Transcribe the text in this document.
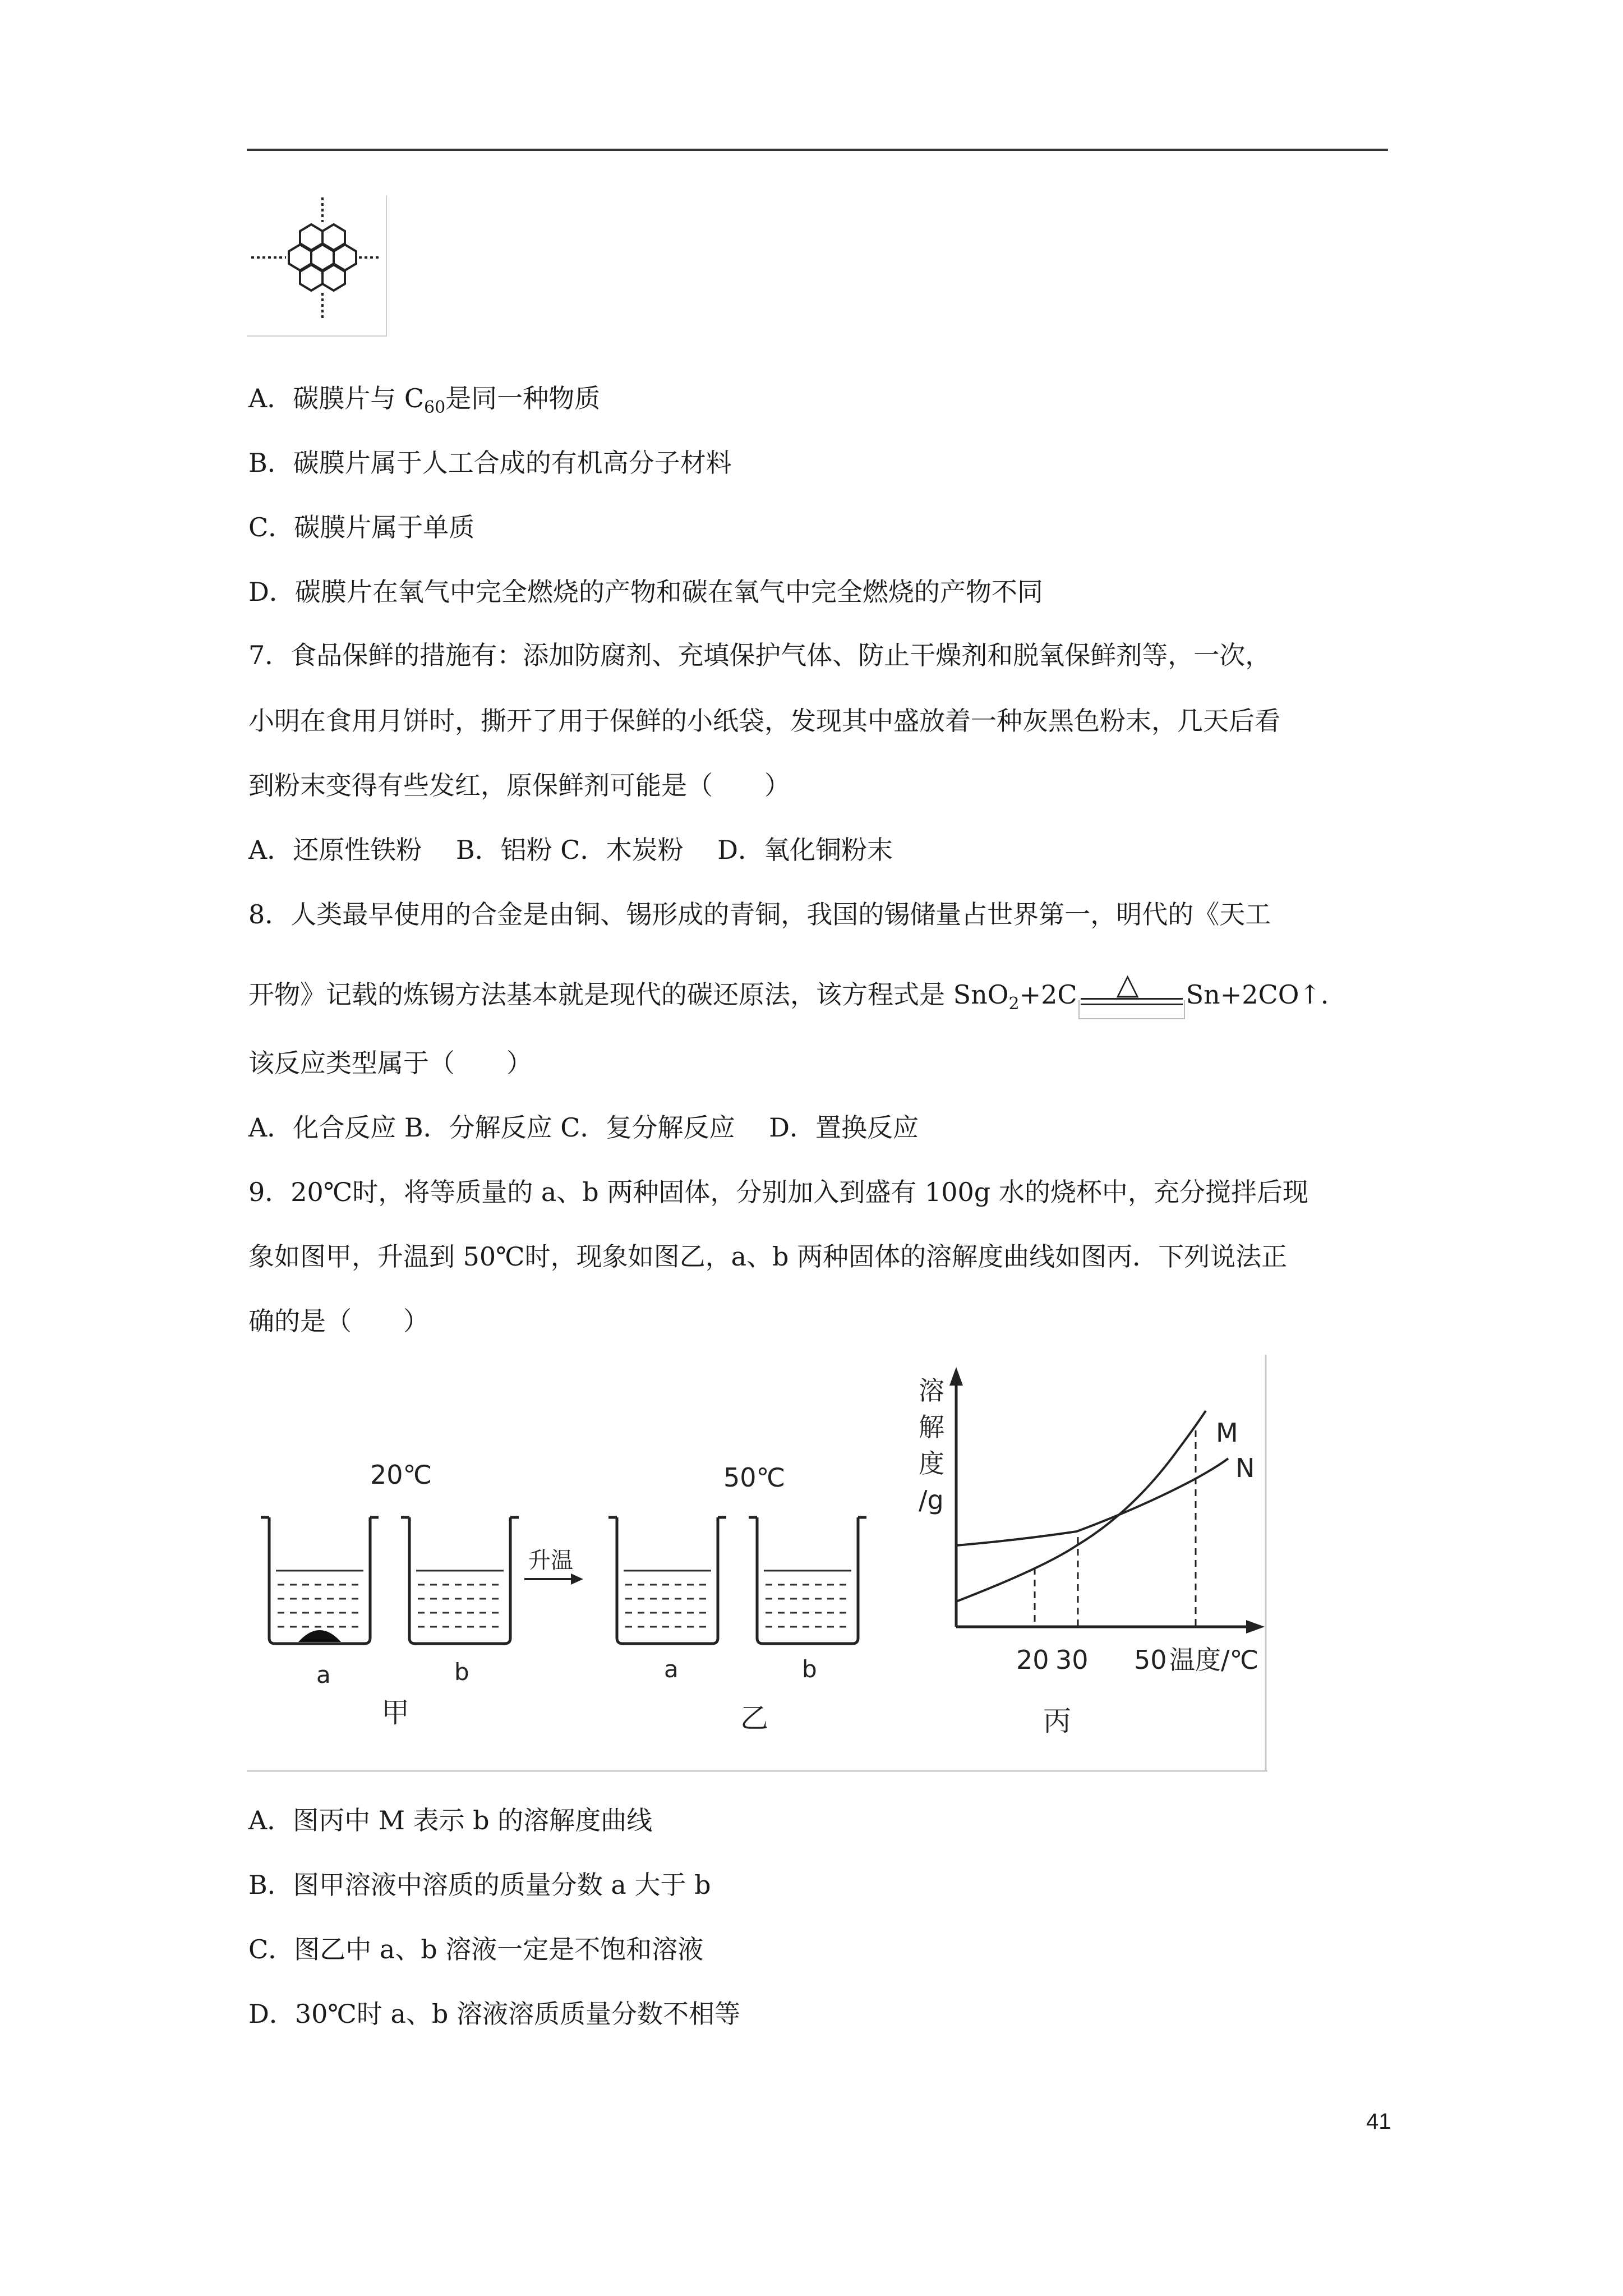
A．碳膜片与 $C_{60}$是同一种物质
B．碳膜片属于人工合成的有机高分子材料
C．碳膜片属于单质
D．碳膜片在氧气中完全燃烧的产物和碳在氧气中完全燃烧的产物不同
7．食品保鲜的措施有：添加防腐剂、充填保护气体、防止干燥剂和脱氧保鲜剂等，一次，
小明在食用月饼时，撕开了用于保鲜的小纸袋，发现其中盛放着一种灰黑色粉末，几天后看
到粉末变得有些发红，原保鲜剂可能是（　　）
A．还原性铁粉　 B．铝粉 C．木炭粉　 D．氧化铜粉末
8．人类最早使用的合金是由铜、锡形成的青铜，我国的锡储量占世界第一，明代的《天工
开物》记载的炼锡方法基本就是现代的碳还原法，该方程式是 SnO$_2$+2C △ Sn+2CO↑．
该反应类型属于（　　）
A．化合反应 B．分解反应 C．复分解反应　 D．置换反应
9．20℃时，将等质量的 a、b 两种固体，分别加入到盛有 100g 水的烧杯中，充分搅拌后现
象如图甲，升温到 50℃时，现象如图乙，a、b 两种固体的溶解度曲线如图丙．下列说法正
确的是（　　）
20℃	50℃
升温
a	b	a	b
甲	乙	丙
溶
解
度
/g
M
N
20 30 50 温度/℃
A．图丙中 M 表示 b 的溶解度曲线
B．图甲溶液中溶质的质量分数 a 大于 b
C．图乙中 a、b 溶液一定是不饱和溶液
D．30℃时 a、b 溶液溶质质量分数不相等
41
